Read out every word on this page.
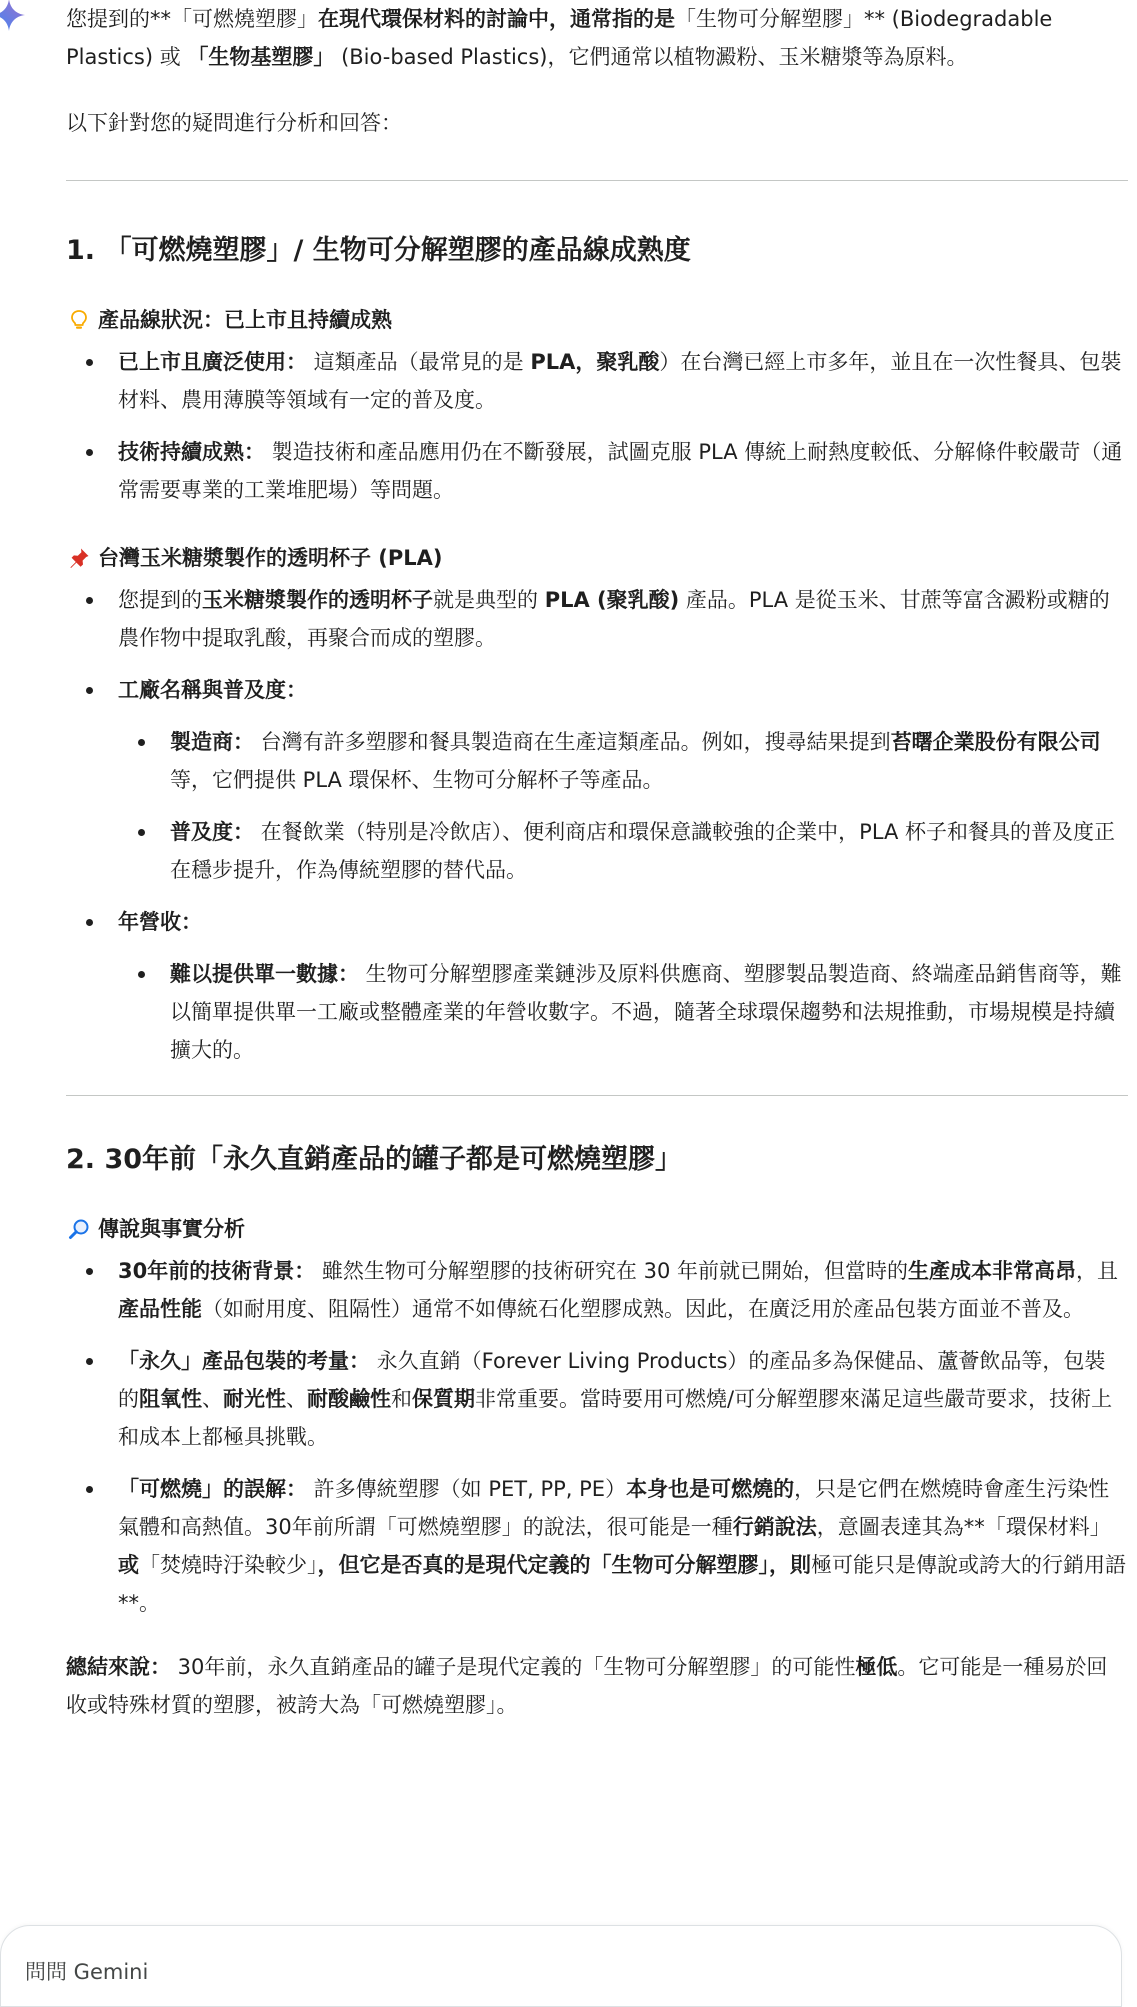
您提到的**「可燃燒塑膠」在現代環保材料的討論中，通常指的是「生物可分解塑膠」** (Biodegradable Plastics) 或 「生物基塑膠」 (Bio-based Plastics)，它們通常以植物澱粉、玉米糖漿等為原料。

以下針對您的疑問進行分析和回答：

1. 「可燃燒塑膠」/ 生物可分解塑膠的產品線成熟度
產品線狀況：已上市且持續成熟
已上市且廣泛使用： 這類產品（最常見的是 PLA，聚乳酸）在台灣已經上市多年，並且在一次性餐具、包裝材料、農用薄膜等領域有一定的普及度。
技術持續成熟： 製造技術和產品應用仍在不斷發展，試圖克服 PLA 傳統上耐熱度較低、分解條件較嚴苛（通常需要專業的工業堆肥場）等問題。
台灣玉米糖漿製作的透明杯子 (PLA)
您提到的玉米糖漿製作的透明杯子就是典型的 PLA (聚乳酸) 產品。PLA 是從玉米、甘蔗等富含澱粉或糖的農作物中提取乳酸，再聚合而成的塑膠。
工廠名稱與普及度：
製造商： 台灣有許多塑膠和餐具製造商在生產這類產品。例如，搜尋結果提到苔曙企業股份有限公司等，它們提供 PLA 環保杯、生物可分解杯子等產品。
普及度： 在餐飲業（特別是冷飲店）、便利商店和環保意識較強的企業中，PLA 杯子和餐具的普及度正在穩步提升，作為傳統塑膠的替代品。
年營收：
難以提供單一數據： 生物可分解塑膠產業鏈涉及原料供應商、塑膠製品製造商、終端產品銷售商等，難以簡單提供單一工廠或整體產業的年營收數字。不過，隨著全球環保趨勢和法規推動，市場規模是持續擴大的。
2. 30年前「永久直銷產品的罐子都是可燃燒塑膠」
傳說與事實分析
30年前的技術背景： 雖然生物可分解塑膠的技術研究在 30 年前就已開始，但當時的生產成本非常高昂，且產品性能（如耐用度、阻隔性）通常不如傳統石化塑膠成熟。因此，在廣泛用於產品包裝方面並不普及。
「永久」產品包裝的考量： 永久直銷（Forever Living Products）的產品多為保健品、蘆薈飲品等，包裝的阻氧性、耐光性、耐酸鹼性和保質期非常重要。當時要用可燃燒/可分解塑膠來滿足這些嚴苛要求，技術上和成本上都極具挑戰。
「可燃燒」的誤解： 許多傳統塑膠（如 PET, PP, PE）本身也是可燃燒的，只是它們在燃燒時會產生污染性氣體和高熱值。30年前所謂「可燃燒塑膠」的說法，很可能是一種行銷說法，意圖表達其為**「環保材料」或「焚燒時汙染較少」，但它是否真的是現代定義的「生物可分解塑膠」，則極可能只是傳說或誇大的行銷用語**。

總結來說： 30年前，永久直銷產品的罐子是現代定義的「生物可分解塑膠」的可能性極低。它可能是一種易於回收或特殊材質的塑膠，被誇大為「可燃燒塑膠」。

問問 Gemini
